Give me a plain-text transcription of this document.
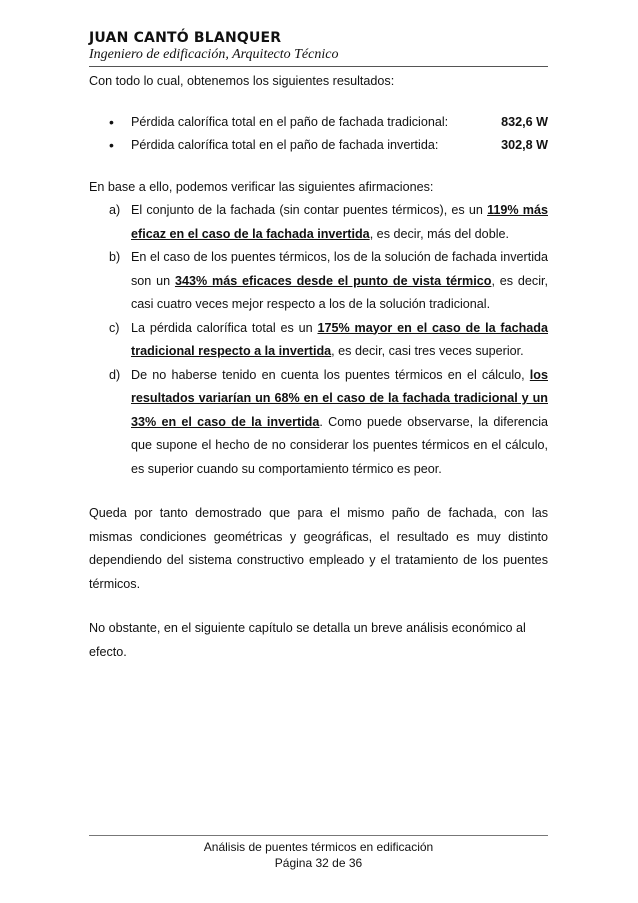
JUAN CANTÓ BLANQUER
Ingeniero de edificación, Arquitecto Técnico

Con todo lo cual, obtenemos los siguientes resultados:

•	Pérdida calorífica total en el paño de fachada tradicional:	832,6 W
•	Pérdida calorífica total en el paño de fachada invertida:	302,8 W

En base a ello, podemos verificar las siguientes afirmaciones:

a) El conjunto de la fachada (sin contar puentes térmicos), es un 119% más eficaz en el caso de la fachada invertida, es decir, más del doble.
b) En el caso de los puentes térmicos, los de la solución de fachada invertida son un 343% más eficaces desde el punto de vista térmico, es decir, casi cuatro veces mejor respecto a los de la solución tradicional.
c) La pérdida calorífica total es un 175% mayor en el caso de la fachada tradicional respecto a la invertida, es decir, casi tres veces superior.
d) De no haberse tenido en cuenta los puentes térmicos en el cálculo, los resultados variarían un 68% en el caso de la fachada tradicional y un 33% en el caso de la invertida. Como puede observarse, la diferencia que supone el hecho de no considerar los puentes térmicos en el cálculo, es superior cuando su comportamiento térmico es peor.

Queda por tanto demostrado que para el mismo paño de fachada, con las mismas condiciones geométricas y geográficas, el resultado es muy distinto dependiendo del sistema constructivo empleado y el tratamiento de los puentes térmicos.

No obstante, en el siguiente capítulo se detalla un breve análisis económico al efecto.

Análisis de puentes térmicos en edificación
Página 32 de 36
